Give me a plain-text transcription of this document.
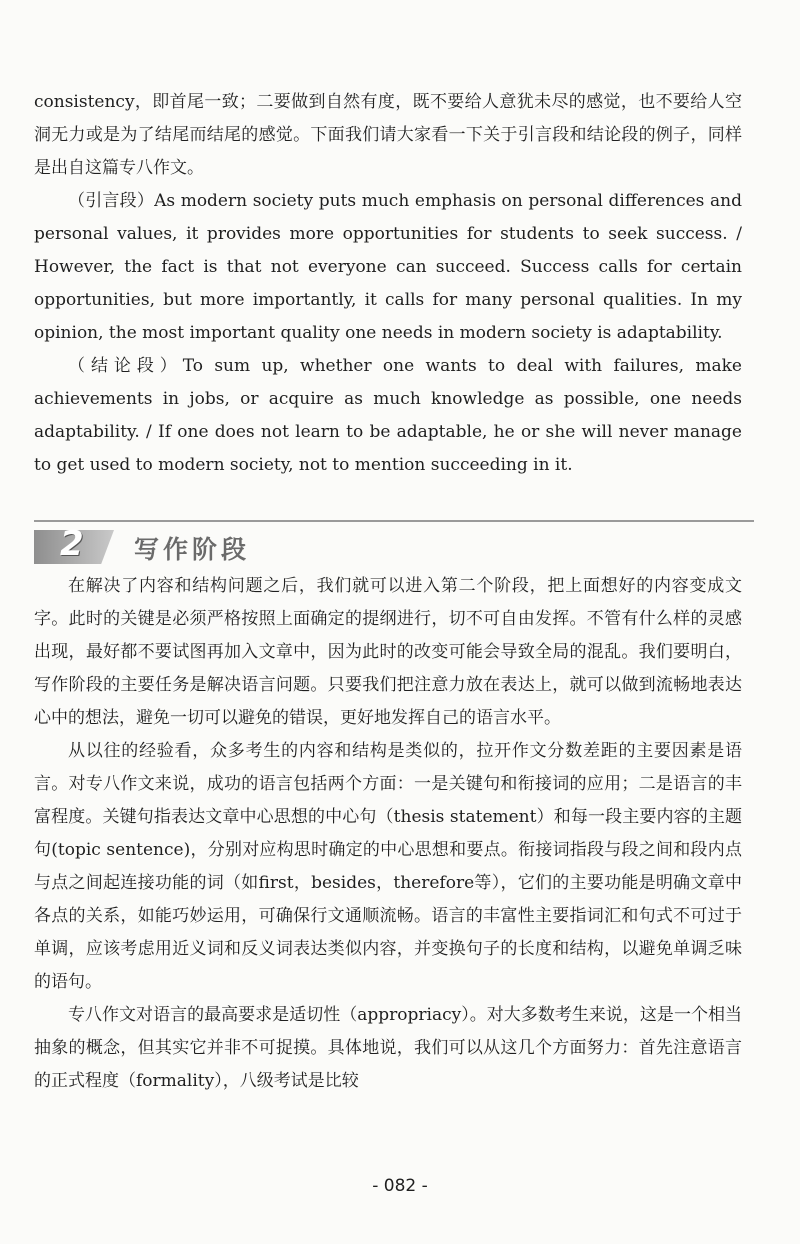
consistency，即首尾一致；二要做到自然有度，既不要给人意犹未尽的感觉，也不要给人空洞无力或是为了结尾而结尾的感觉。下面我们请大家看一下关于引言段和结论段的例子，同样是出自这篇专八作文。

（引言段）As modern society puts much emphasis on personal differences and personal values, it provides more opportunities for students to seek success. / However, the fact is that not everyone can succeed. Success calls for certain opportunities, but more importantly, it calls for many personal qualities. In my opinion, the most important quality one needs in modern society is adaptability.

（结论段）To sum up, whether one wants to deal with failures, make achievements in jobs, or acquire as much knowledge as possible, one needs adaptability. / If one does not learn to be adaptable, he or she will never manage to get used to modern society, not to mention succeeding in it.

2 写作阶段

在解决了内容和结构问题之后，我们就可以进入第二个阶段，把上面想好的内容变成文字。此时的关键是必须严格按照上面确定的提纲进行，切不可自由发挥。不管有什么样的灵感出现，最好都不要试图再加入文章中，因为此时的改变可能会导致全局的混乱。我们要明白，写作阶段的主要任务是解决语言问题。只要我们把注意力放在表达上，就可以做到流畅地表达心中的想法，避免一切可以避免的错误，更好地发挥自己的语言水平。

从以往的经验看，众多考生的内容和结构是类似的，拉开作文分数差距的主要因素是语言。对专八作文来说，成功的语言包括两个方面：一是关键句和衔接词的应用；二是语言的丰富程度。关键句指表达文章中心思想的中心句（thesis statement）和每一段主要内容的主题句(topic sentence)，分别对应构思时确定的中心思想和要点。衔接词指段与段之间和段内点与点之间起连接功能的词（如first，besides，therefore等），它们的主要功能是明确文章中各点的关系，如能巧妙运用，可确保行文通顺流畅。语言的丰富性主要指词汇和句式不可过于单调，应该考虑用近义词和反义词表达类似内容，并变换句子的长度和结构，以避免单调乏味的语句。

专八作文对语言的最高要求是适切性（appropriacy）。对大多数考生来说，这是一个相当抽象的概念，但其实它并非不可捉摸。具体地说，我们可以从这几个方面努力：首先注意语言的正式程度（formality），八级考试是比较

- 082 -
